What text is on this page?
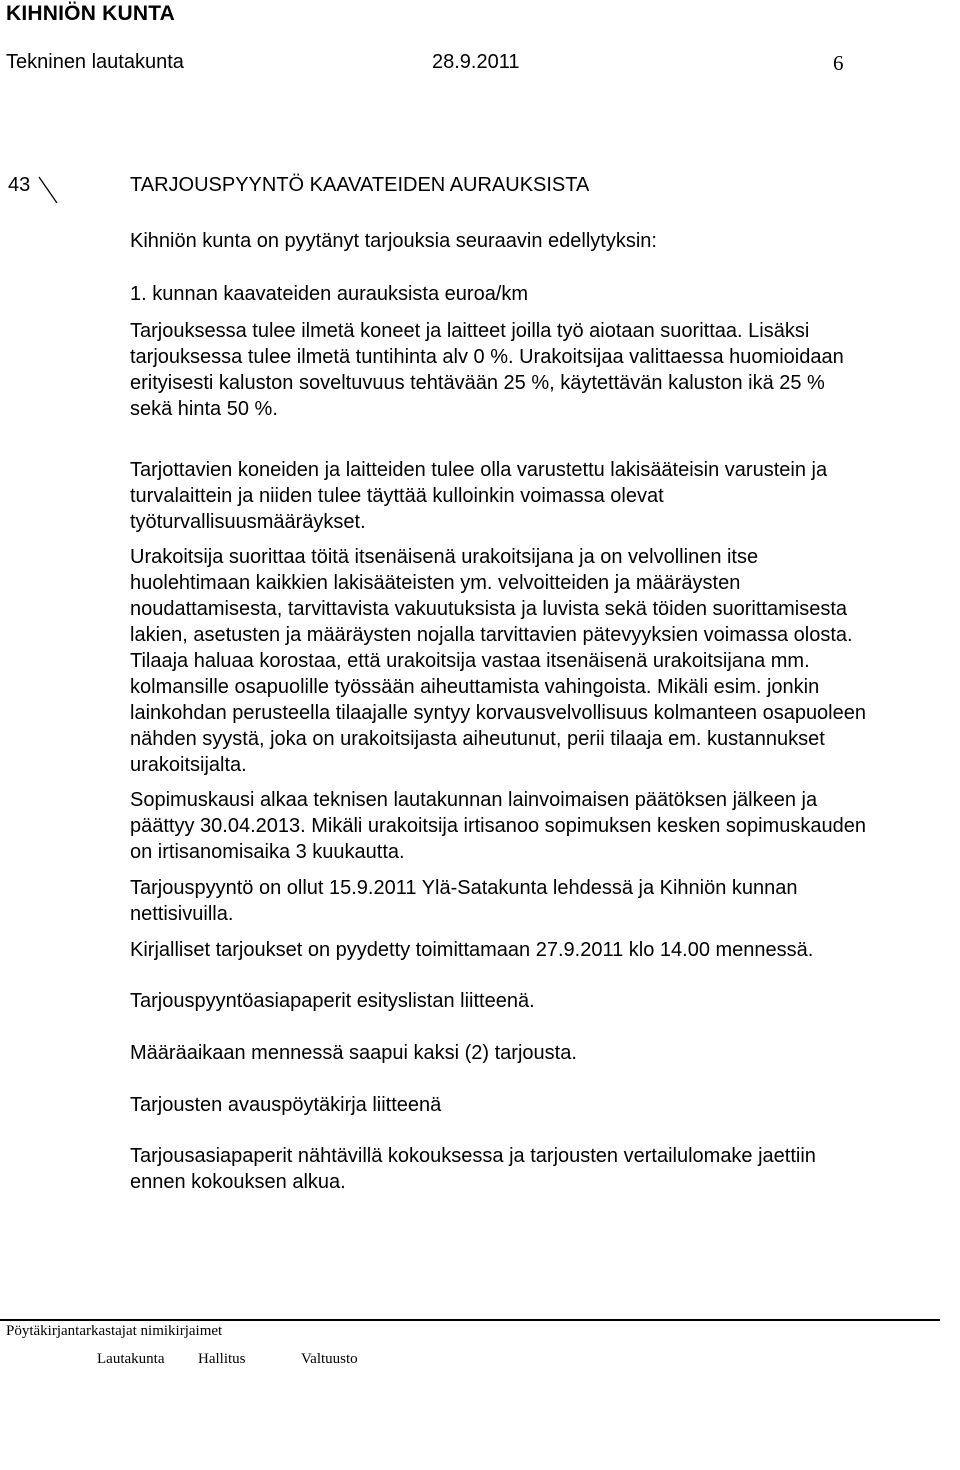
KIHNIÖN KUNTA
Tekninen lautakunta	28.9.2011	6
43	TARJOUSPYYNTÖ KAAVATEIDEN AURAUKSISTA
Kihniön kunta on pyytänyt tarjouksia seuraavin edellytyksin:
1. kunnan kaavateiden aurauksista euroa/km
Tarjouksessa tulee ilmetä koneet ja laitteet joilla työ aiotaan suorittaa. Lisäksi
tarjouksessa tulee ilmetä tuntihinta alv 0 %. Urakoitsijaa valittaessa huomioidaan
erityisesti kaluston soveltuvuus tehtävään 25 %, käytettävän kaluston ikä 25 %
sekä hinta 50 %.
Tarjottavien koneiden ja laitteiden tulee olla varustettu lakisääteisin varustein ja
turvalaittein ja niiden tulee täyttää kulloinkin voimassa olevat
työturvallisuusmääräykset.
Urakoitsija suorittaa töitä itsenäisenä urakoitsijana ja on velvollinen itse
huolehtimaan kaikkien lakisääteisten ym. velvoitteiden ja määräysten
noudattamisesta, tarvittavista vakuutuksista ja luvista sekä töiden suorittamisesta
lakien, asetusten ja määräysten nojalla tarvittavien pätevyyksien voimassa olosta.
Tilaaja haluaa korostaa, että urakoitsija vastaa itsenäisenä urakoitsijana mm.
kolmansille osapuolille työssään aiheuttamista vahingoista. Mikäli esim. jonkin
lainkohdan perusteella tilaajalle syntyy korvausvelvollisuus kolmanteen osapuoleen
nähden syystä, joka on urakoitsijasta aiheutunut, perii tilaaja em. kustannukset
urakoitsijalta.
Sopimuskausi alkaa teknisen lautakunnan lainvoimaisen päätöksen jälkeen ja
päättyy 30.04.2013. Mikäli urakoitsija irtisanoo sopimuksen kesken sopimuskauden
on irtisanomisaika 3 kuukautta.
Tarjouspyyntö on ollut 15.9.2011 Ylä-Satakunta lehdessä ja Kihniön kunnan
nettisivuilla.
Kirjalliset tarjoukset on pyydetty toimittamaan 27.9.2011 klo 14.00 mennessä.
Tarjouspyyntöasiapaperit esityslistan liitteenä.
Määräaikaan mennessä saapui kaksi (2) tarjousta.
Tarjousten avauspöytäkirja liitteenä
Tarjousasiapaperit nähtävillä kokouksessa ja tarjousten vertailulomake jaettiin
ennen kokouksen alkua.
Pöytäkirjantarkastajat nimikirjaimet
Lautakunta Hallitus	Valtuusto
